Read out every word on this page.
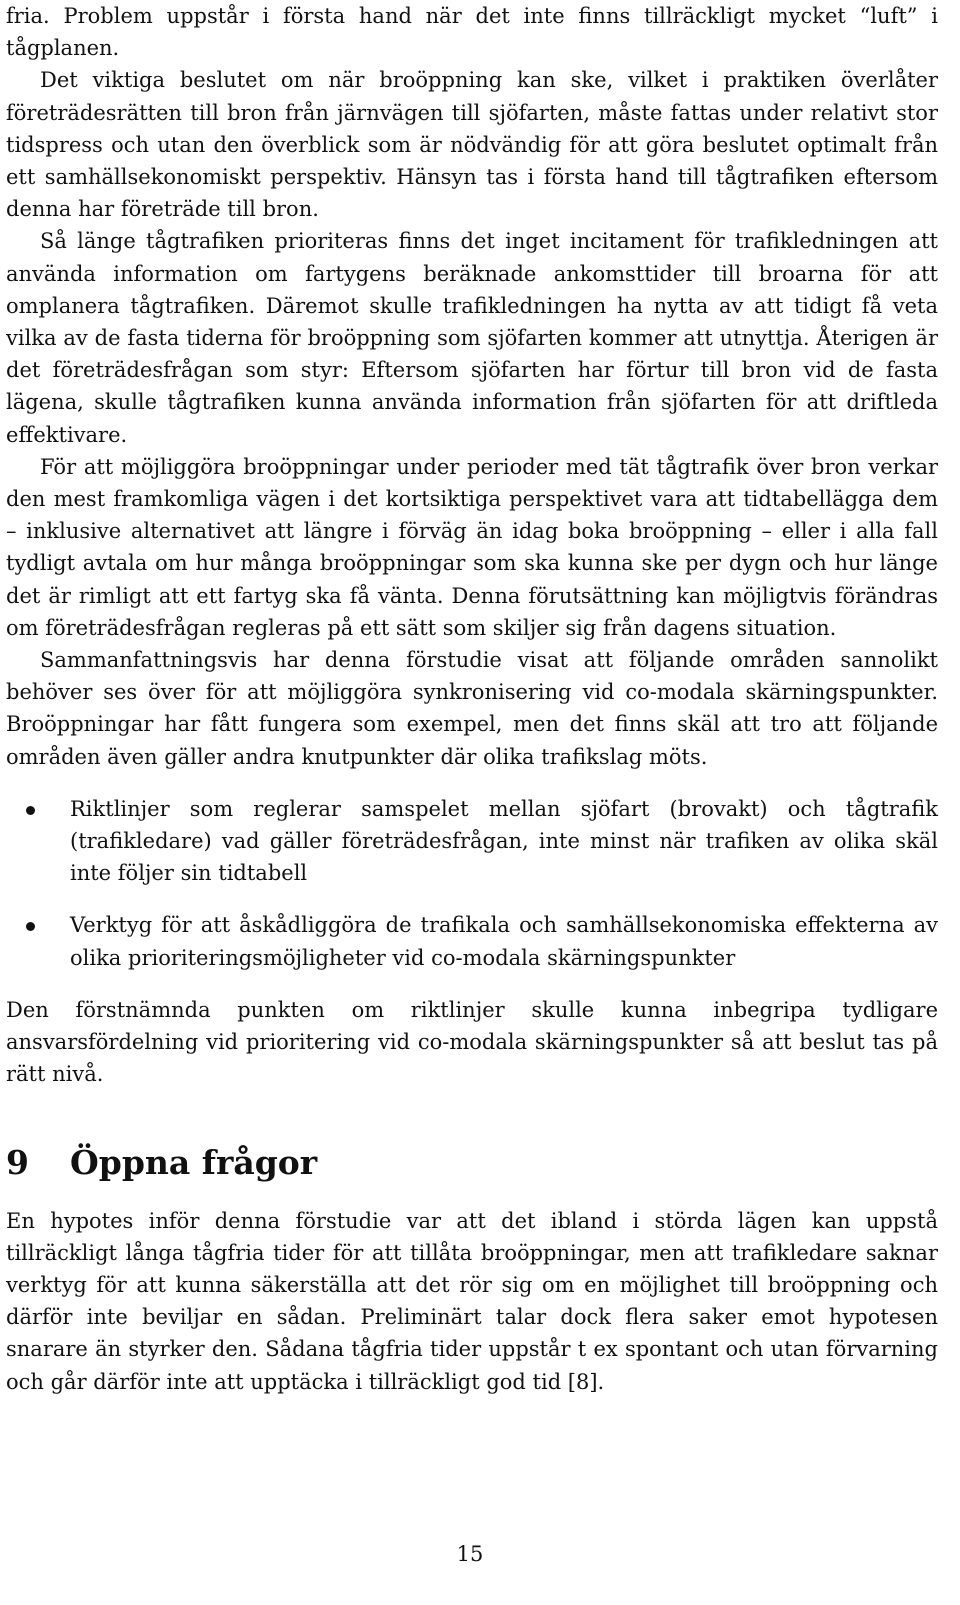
fria. Problem uppstår i första hand när det inte finns tillräckligt mycket “luft” i tågplanen.

Det viktiga beslutet om när broöppning kan ske, vilket i praktiken överlåter företrädesrätten till bron från järnvägen till sjöfarten, måste fattas under relativt stor tidspress och utan den överblick som är nödvändig för att göra beslutet optimalt från ett samhällsekonomiskt perspektiv. Hänsyn tas i första hand till tågtrafiken eftersom denna har företräde till bron.

Så länge tågtrafiken prioriteras finns det inget incitament för trafikledningen att använda information om fartygens beräknade ankomsttider till broarna för att omplanera tågtrafiken. Däremot skulle trafikledningen ha nytta av att tidigt få veta vilka av de fasta tiderna för broöppning som sjöfarten kommer att utnyttja. Återigen är det företrädesfrågan som styr: Eftersom sjöfarten har förtur till bron vid de fasta lägena, skulle tågtrafiken kunna använda information från sjöfarten för att driftleda effektivare.

För att möjliggöra broöppningar under perioder med tät tågtrafik över bron verkar den mest framkomliga vägen i det kortsiktiga perspektivet vara att tidtabellägga dem – inklusive alternativet att längre i förväg än idag boka broöppning – eller i alla fall tydligt avtala om hur många broöppningar som ska kunna ske per dygn och hur länge det är rimligt att ett fartyg ska få vänta. Denna förutsättning kan möjligtvis förändras om företrädesfrågan regleras på ett sätt som skiljer sig från dagens situation.

Sammanfattningsvis har denna förstudie visat att följande områden sannolikt behöver ses över för att möjliggöra synkronisering vid co-modala skärningspunkter. Broöppningar har fått fungera som exempel, men det finns skäl att tro att följande områden även gäller andra knutpunkter där olika trafikslag möts.

Riktlinjer som reglerar samspelet mellan sjöfart (brovakt) och tågtrafik (trafikledare) vad gäller företrädesfrågan, inte minst när trafiken av olika skäl inte följer sin tidtabell

Verktyg för att åskådliggöra de trafikala och samhällsekonomiska effekterna av olika prioriteringsmöjligheter vid co-modala skärningspunkter

Den förstnämnda punkten om riktlinjer skulle kunna inbegripa tydligare ansvarsfördelning vid prioritering vid co-modala skärningspunkter så att beslut tas på rätt nivå.

9	Öppna frågor

En hypotes inför denna förstudie var att det ibland i störda lägen kan uppstå tillräckligt långa tågfria tider för att tillåta broöppningar, men att trafikledare saknar verktyg för att kunna säkerställa att det rör sig om en möjlighet till broöppning och därför inte beviljar en sådan. Preliminärt talar dock flera saker emot hypotesen snarare än styrker den. Sådana tågfria tider uppstår t ex spontant och utan förvarning och går därför inte att upptäcka i tillräckligt god tid [8].

15
